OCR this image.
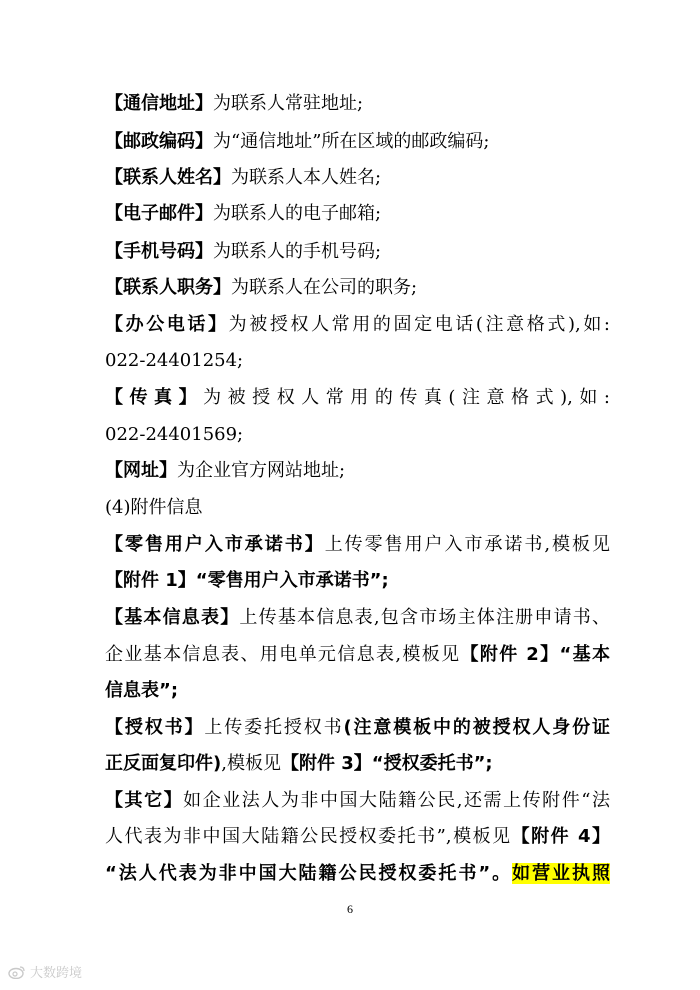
【通信地址】为联系人常驻地址;
【邮政编码】为“通信地址”所在区域的邮政编码;
【联系人姓名】为联系人本人姓名;
【电子邮件】为联系人的电子邮箱;
【手机号码】为联系人的手机号码;
【联系人职务】为联系人在公司的职务;
【办公电话】为被授权人常用的固定电话(注意格式),如:
022-24401254;
【传真】为被授权人常用的传真(注意格式),如:
022-24401569;
【网址】为企业官方网站地址;
(4)附件信息
【零售用户入市承诺书】上传零售用户入市承诺书,模板见
【附件 1】“零售用户入市承诺书”;
【基本信息表】上传基本信息表,包含市场主体注册申请书、
企业基本信息表、用电单元信息表,模板见【附件 2】“基本
信息表”;
【授权书】上传委托授权书(注意模板中的被授权人身份证
正反面复印件),模板见【附件 3】“授权委托书”;
【其它】如企业法人为非中国大陆籍公民,还需上传附件“法
人代表为非中国大陆籍公民授权委托书”,模板见【附件 4】
“法人代表为非中国大陆籍公民授权委托书”。如营业执照
6
大数跨境
